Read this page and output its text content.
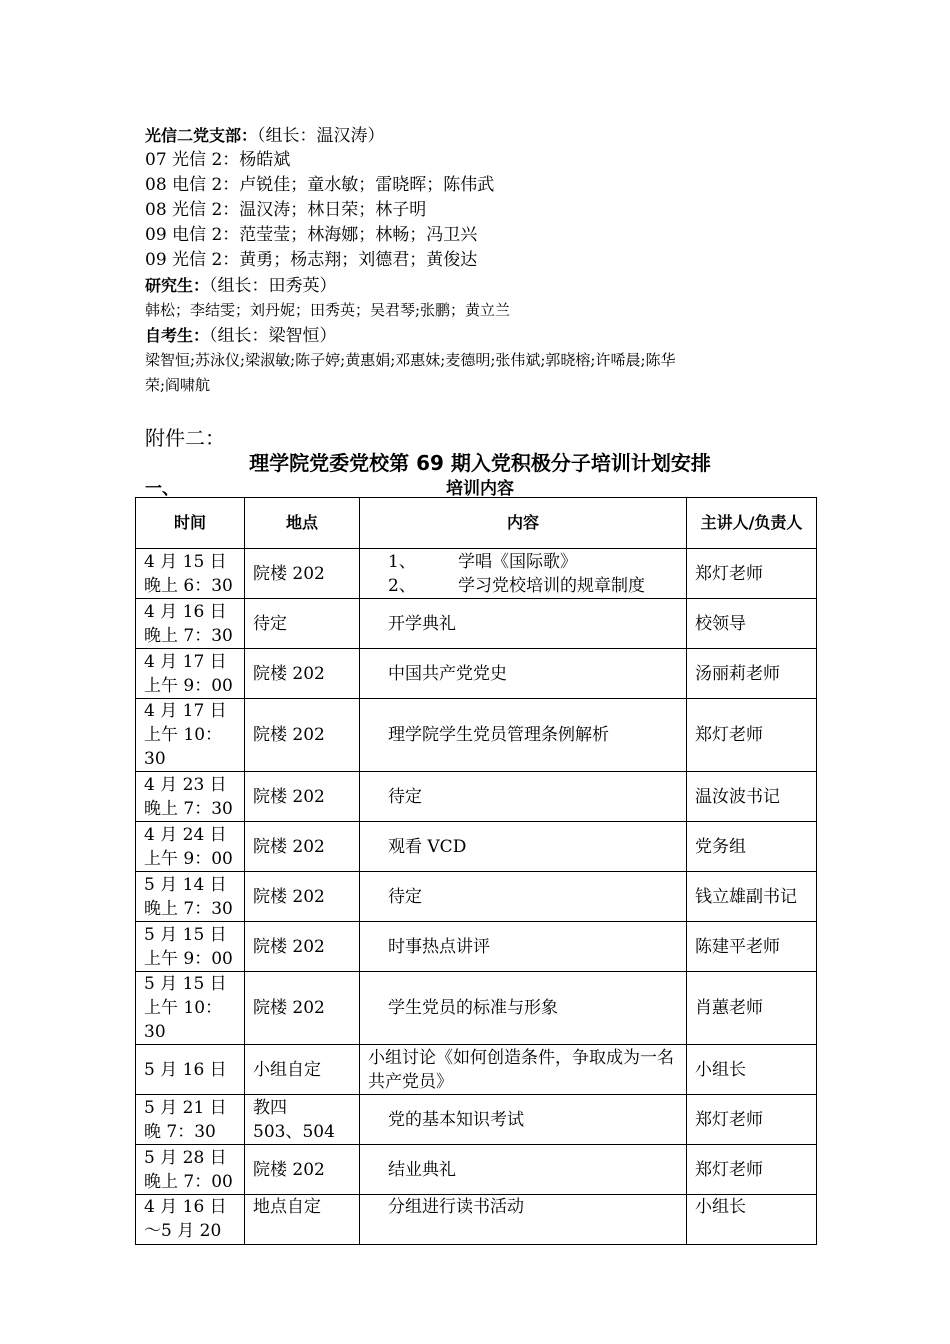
光信二党支部：（组长：温汉涛）
07 光信 2：杨皓斌
08 电信 2：卢锐佳；童水敏；雷晓晖；陈伟武
08 光信 2：温汉涛；林日荣；林子明
09 电信 2：范莹莹；林海娜；林畅；冯卫兴
09 光信 2：黄勇；杨志翔；刘德君；黄俊达
研究生：（组长：田秀英）
韩松；李结雯；刘丹妮；田秀英；吴君琴;张鹏；黄立兰
自考生：（组长：梁智恒）
梁智恒;苏泳仪;梁淑敏;陈子婷;黄惠娟;邓惠妹;麦德明;张伟斌;郭晓榕;许唏晨;陈华
荣;阎啸航
附件二：
理学院党委党校第 69 期入党积极分子培训计划安排
一、	培训内容
时间	地点	内容	主讲人/负责人
4 月 15 日
晚上 6：30	院楼 202	1、 学唱《国际歌》
2、 学习党校培训的规章制度	郑灯老师
4 月 16 日
晚上 7：30	待定	开学典礼	校领导
4 月 17 日
上午 9：00	院楼 202	中国共产党党史	汤丽莉老师
4 月 17 日
上午 10：30	院楼 202	理学院学生党员管理条例解析	郑灯老师
4 月 23 日
晚上 7：30	院楼 202	待定	温汝波书记
4 月 24 日
上午 9：00	院楼 202	观看 VCD	党务组
5 月 14 日
晚上 7：30	院楼 202	待定	钱立雄副书记
5 月 15 日
上午 9：00	院楼 202	时事热点讲评	陈建平老师
5 月 15 日
上午 10：30	院楼 202	学生党员的标准与形象	肖蕙老师
5 月 16 日	小组自定	小组讨论《如何创造条件，争取成为一名共产党员》	小组长
5 月 21 日
晚 7：30	教四
503、504	党的基本知识考试	郑灯老师
5 月 28 日
晚上 7：00	院楼 202	结业典礼	郑灯老师
4 月 16 日
～5 月 20	地点自定	分组进行读书活动	小组长
